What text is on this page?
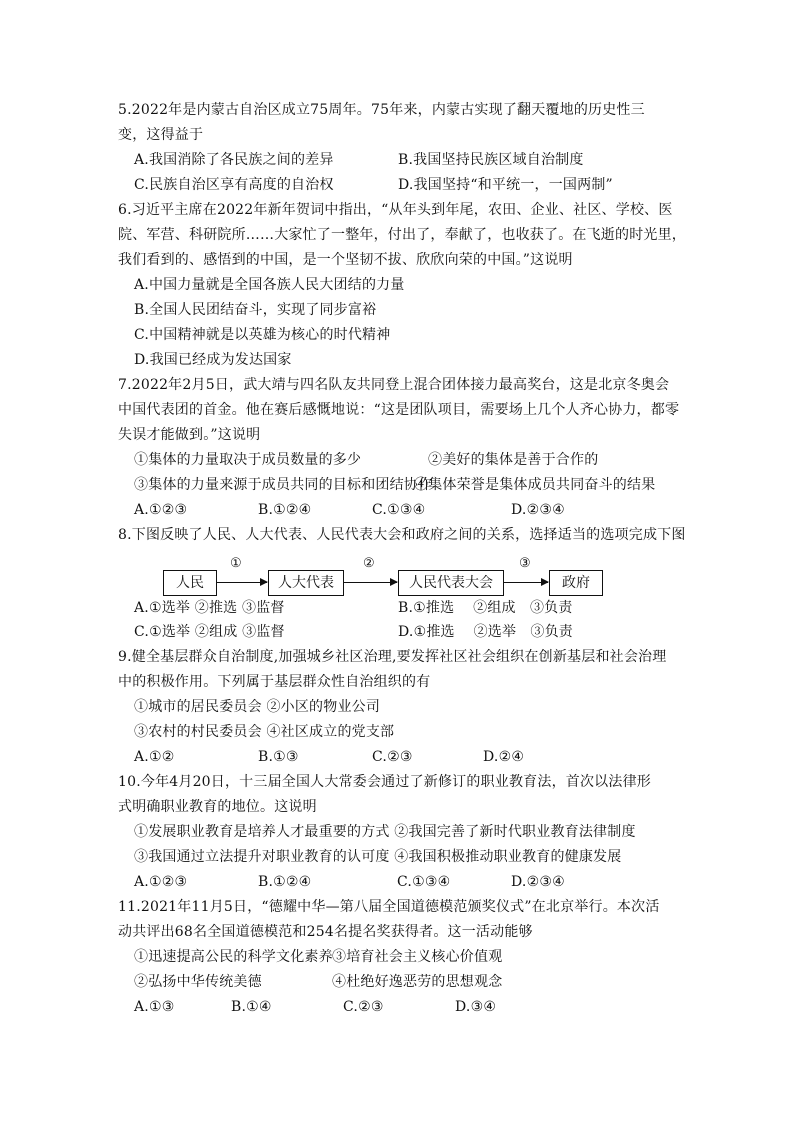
5.2022年是内蒙古自治区成立75周年。75年来，内蒙古实现了翻天覆地的历史性三
变，这得益于
A.我国消除了各民族之间的差异	B.我国坚持民族区域自治制度
C.民族自治区享有高度的自治权	D.我国坚持“和平统一，一国两制”
6.习近平主席在2022年新年贺词中指出，“从年头到年尾，农田、企业、社区、学校、医
院、军营、科研院所……大家忙了一整年，付出了，奉献了，也收获了。在飞逝的时光里，
我们看到的、感悟到的中国，是一个坚韧不拔、欣欣向荣的中国。”这说明
A.中国力量就是全国各族人民大团结的力量
B.全国人民团结奋斗，实现了同步富裕
C.中国精神就是以英雄为核心的时代精神
D.我国已经成为发达国家
7.2022年2月5日，武大靖与四名队友共同登上混合团体接力最高奖台，这是北京冬奥会
中国代表团的首金。他在赛后感慨地说：“这是团队项目，需要场上几个人齐心协力，都零
失误才能做到。”这说明
①集体的力量取决于成员数量的多少	②美好的集体是善于合作的
③集体的力量来源于成员共同的目标和团结协作
④集体荣誉是集体成员共同奋斗的结果
A.①②③	B.①②④	C.①③④	D.②③④
8.下图反映了人民、人大代表、人民代表大会和政府之间的关系，选择适当的选项完成下图
人民
①
人大代表
②
人民代表大会
③
政府
A.①选举 ②推选 ③监督	B.①推选　 ②组成　③负责
C.①选举 ②组成 ③监督	D.①推选　 ②选举　③负责
9.健全基层群众自治制度,加强城乡社区治理,要发挥社区社会组织在创新基层和社会治理
中的积极作用。下列属于基层群众性自治组织的有
①城市的居民委员会 ②小区的物业公司
③农村的村民委员会 ④社区成立的党支部
A.①②	B.①③	C.②③	D.②④
10.今年4月20日，十三届全国人大常委会通过了新修订的职业教育法，首次以法律形
式明确职业教育的地位。这说明
①发展职业教育是培养人才最重要的方式 ②我国完善了新时代职业教育法律制度
③我国通过立法提升对职业教育的认可度 ④我国积极推动职业教育的健康发展
A.①②③	B.①②④	C.①③④	D.②③④
11.2021年11月5日，“德耀中华—第八届全国道德模范颁奖仪式”在北京举行。本次活
动共评出68名全国道德模范和254名提名奖获得者。这一活动能够
①迅速提高公民的科学文化素养 ③培育社会主义核心价值观
②弘扬中华传统美德	④杜绝好逸恶劳的思想观念
A.①③	B.①④	C.②③	D.③④
